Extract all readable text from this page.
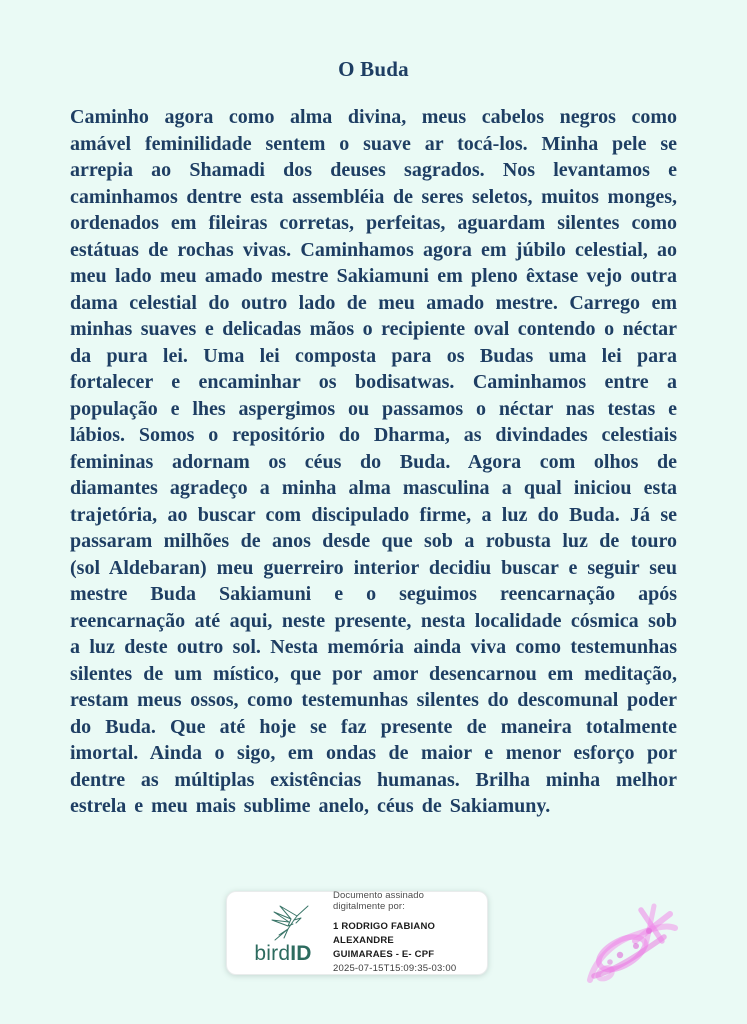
O Buda

Caminho agora como alma divina, meus cabelos negros como amável feminilidade sentem o suave ar tocá-los. Minha pele se arrepia ao Shamadi dos deuses sagrados. Nos levantamos e caminhamos dentre esta assembléia de seres seletos, muitos monges, ordenados em fileiras corretas, perfeitas, aguardam silentes como estátuas de rochas vivas. Caminhamos agora em júbilo celestial, ao meu lado meu amado mestre Sakiamuni em pleno êxtase vejo outra dama celestial do outro lado de meu amado mestre. Carrego em minhas suaves e delicadas mãos o recipiente oval contendo o néctar da pura lei. Uma lei composta para os Budas uma lei para fortalecer e encaminhar os bodisatwas. Caminhamos entre a população e lhes aspergimos ou passamos o néctar nas testas e lábios. Somos o repositório do Dharma, as divindades celestiais femininas adornam os céus do Buda. Agora com olhos de diamantes agradeço a minha alma masculina a qual iniciou esta trajetória, ao buscar com discipulado firme, a luz do Buda. Já se passaram milhões de anos desde que sob a robusta luz de touro (sol Aldebaran) meu guerreiro interior decidiu buscar e seguir seu mestre Buda Sakiamuni e o seguimos reencarnação após reencarnação até aqui, neste presente, nesta localidade cósmica sob a luz deste outro sol. Nesta memória ainda viva como testemunhas silentes de um místico, que por amor desencarnou em meditação, restam meus ossos, como testemunhas silentes do descomunal poder do Buda. Que até hoje se faz presente de maneira totalmente imortal. Ainda o sigo, em ondas de maior e menor esforço por dentre as múltiplas existências humanas. Brilha minha melhor estrela e meu mais sublime anelo, céus de Sakiamuny.

birdID
Documento assinado digitalmente por:
1 RODRIGO FABIANO ALEXANDRE
GUIMARAES - E- CPF
2025-07-15T15:09:35-03:00
